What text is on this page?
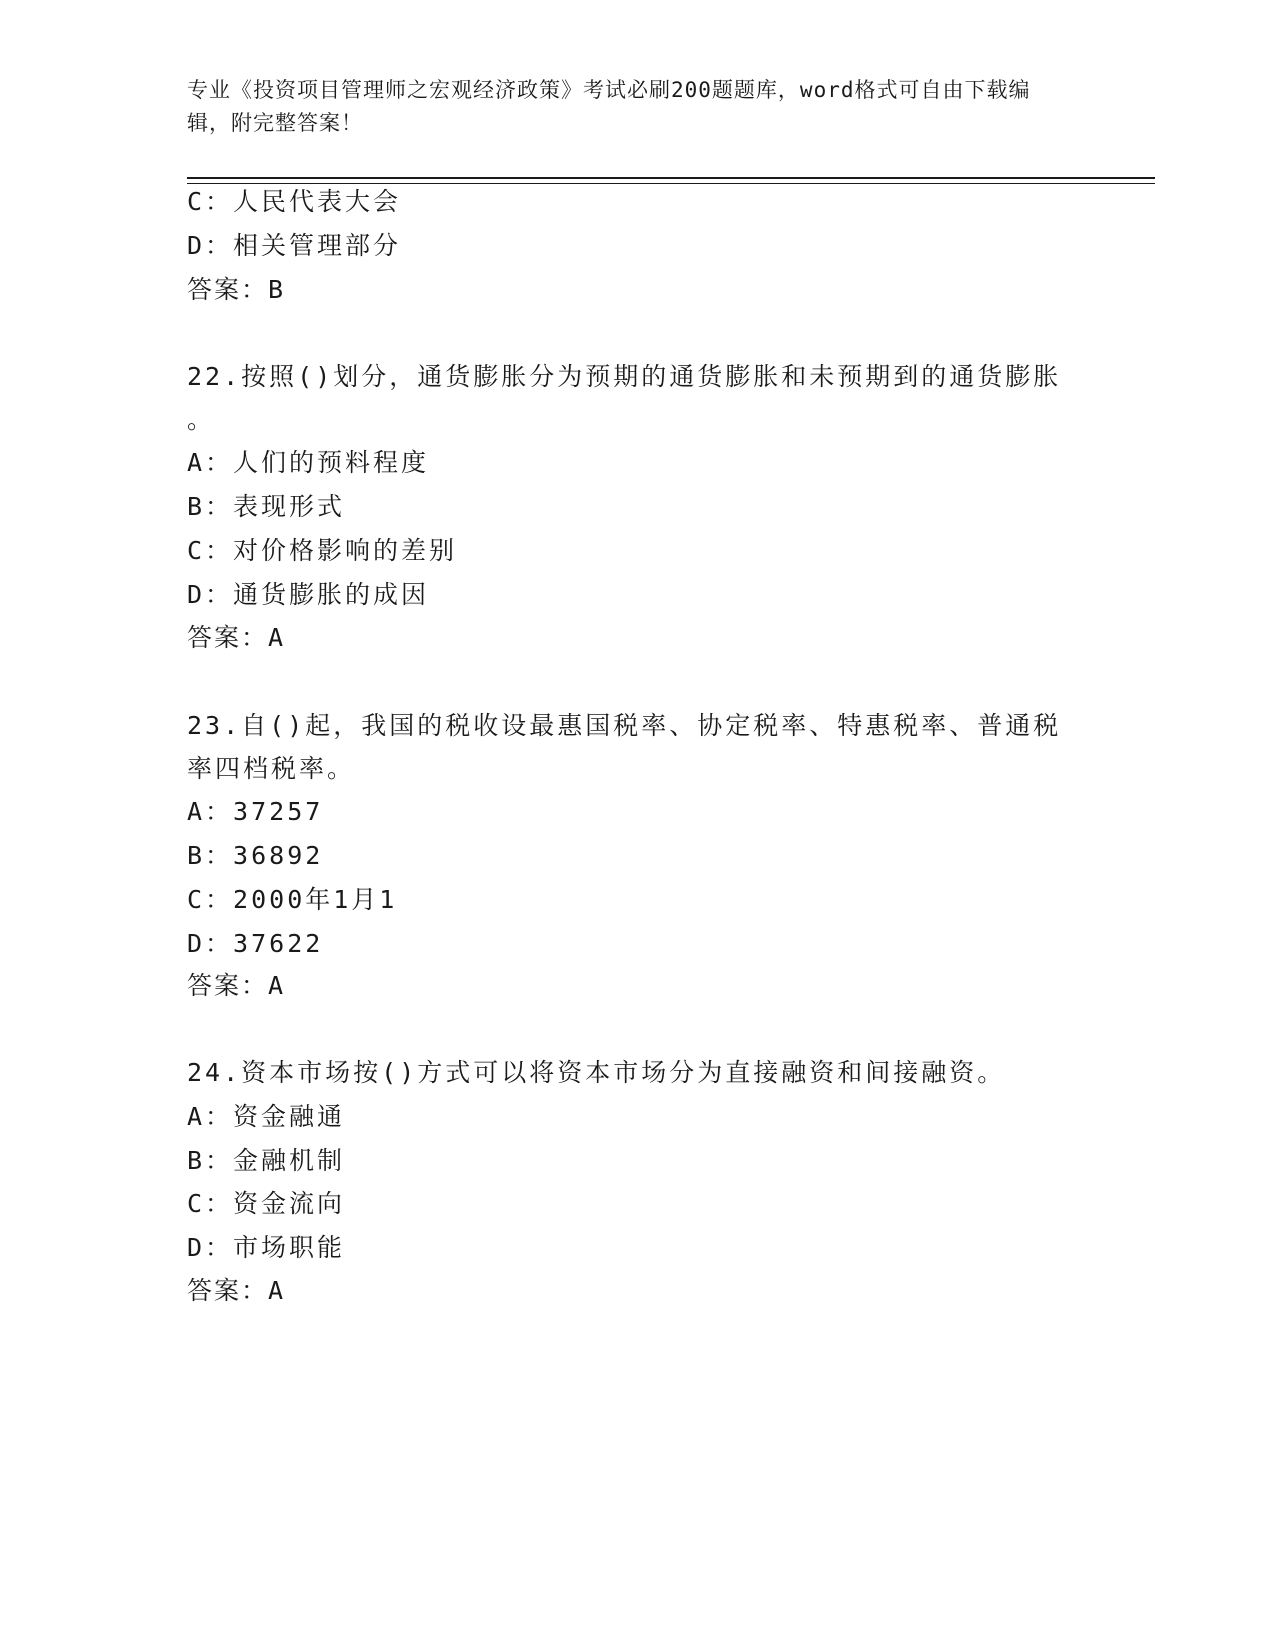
专业《投资项目管理师之宏观经济政策》考试必刷200题题库，word格式可自由下载编辑，附完整答案！
C：人民代表大会
D：相关管理部分
答案：B
22.按照()划分，通货膨胀分为预期的通货膨胀和未预期到的通货膨胀
。
A：人们的预料程度
B：表现形式
C：对价格影响的差别
D：通货膨胀的成因
答案：A
23.自()起，我国的税收设最惠国税率、协定税率、特惠税率、普通税
率四档税率。
A：37257
B：36892
C：2000年1月1
D：37622
答案：A
24.资本市场按()方式可以将资本市场分为直接融资和间接融资。
A：资金融通
B：金融机制
C：资金流向
D：市场职能
答案：A
